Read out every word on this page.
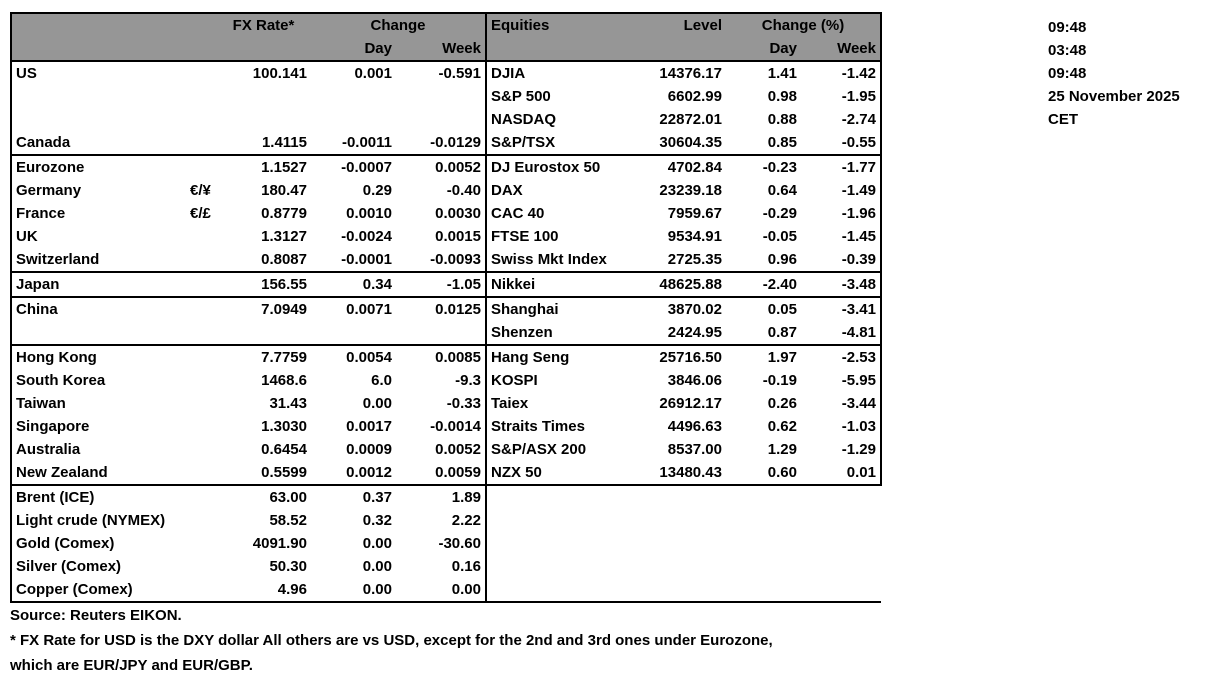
		FX Rate*	Change		Equities	Level	Change (%)	
			Day	Week			Day	Week
US		100.141	0.001	-0.591	DJIA	14376.17	1.41	-1.42
					S&P 500	6602.99	0.98	-1.95
					NASDAQ	22872.01	0.88	-2.74
Canada		1.4115	-0.0011	-0.0129	S&P/TSX	30604.35	0.85	-0.55
Eurozone		1.1527	-0.0007	0.0052	DJ Eurostox 50	4702.84	-0.23	-1.77
Germany	€/¥	180.47	0.29	-0.40	DAX	23239.18	0.64	-1.49
France	€/£	0.8779	0.0010	0.0030	CAC 40	7959.67	-0.29	-1.96
UK		1.3127	-0.0024	0.0015	FTSE 100	9534.91	-0.05	-1.45
Switzerland		0.8087	-0.0001	-0.0093	Swiss Mkt Index	2725.35	0.96	-0.39
Japan		156.55	0.34	-1.05	Nikkei	48625.88	-2.40	-3.48
China		7.0949	0.0071	0.0125	Shanghai	3870.02	0.05	-3.41
					Shenzen	2424.95	0.87	-4.81
Hong Kong		7.7759	0.0054	0.0085	Hang Seng	25716.50	1.97	-2.53
South Korea		1468.6	6.0	-9.3	KOSPI	3846.06	-0.19	-5.95
Taiwan		31.43	0.00	-0.33	Taiex	26912.17	0.26	-3.44
Singapore		1.3030	0.0017	-0.0014	Straits Times	4496.63	0.62	-1.03
Australia		0.6454	0.0009	0.0052	S&P/ASX 200	8537.00	1.29	-1.29
New Zealand		0.5599	0.0012	0.0059	NZX 50	13480.43	0.60	0.01
Brent (ICE)		63.00	0.37	1.89				
Light crude (NYMEX)		58.52	0.32	2.22				
Gold (Comex)		4091.90	0.00	-30.60				
Silver (Comex)		50.30	0.00	0.16				
Copper (Comex)		4.96	0.00	0.00				
09:48
03:48
09:48
25 November 2025
CET
Source: Reuters EIKON.
* FX Rate for USD is the DXY dollar All others are vs USD, except for the 2nd and 3rd ones under Eurozone,
which are EUR/JPY and EUR/GBP.
